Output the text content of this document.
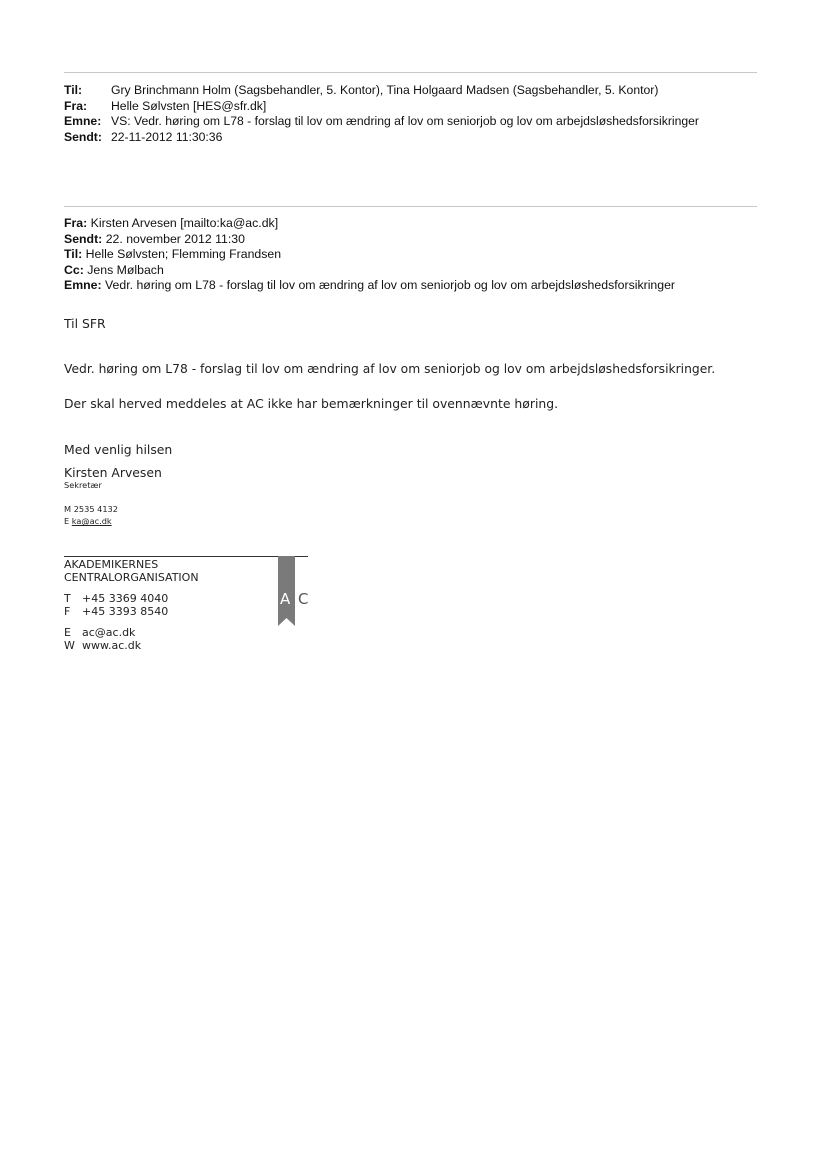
Til: Gry Brinchmann Holm (Sagsbehandler, 5. Kontor), Tina Holgaard Madsen (Sagsbehandler, 5. Kontor)
Fra: Helle Sølvsten [HES@sfr.dk]
Emne: VS: Vedr. høring om L78 - forslag til lov om ændring af lov om seniorjob og lov om arbejdsløshedsforsikringer
Sendt: 22-11-2012 11:30:36
Fra: Kirsten Arvesen [mailto:ka@ac.dk]
Sendt: 22. november 2012 11:30
Til: Helle Sølvsten; Flemming Frandsen
Cc: Jens Mølbach
Emne: Vedr. høring om L78 - forslag til lov om ændring af lov om seniorjob og lov om arbejdsløshedsforsikringer
Til SFR
Vedr. høring om L78 - forslag til lov om ændring af lov om seniorjob og lov om arbejdsløshedsforsikringer.
Der skal herved meddeles at AC ikke har bemærkninger til ovennævnte høring.
Med venlig hilsen
Kirsten Arvesen
Sekretær
M 2535 4132
E ka@ac.dk
AKADEMIKERNES
CENTRALORGANISATION
T +45 3369 4040
F +45 3393 8540
E ac@ac.dk
W www.ac.dk
A C
